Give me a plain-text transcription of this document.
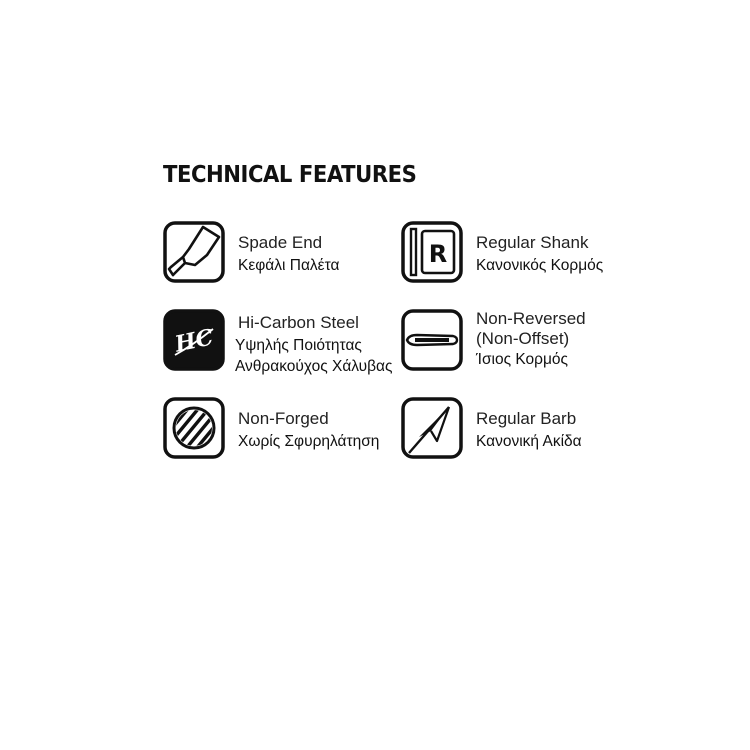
TECHNICAL FEATURES
Spade End
Κεφάλι Παλέτα	R Regular Shank
Κανονικός Κορμός
HC
Hi-Carbon Steel
Υψηλής Ποιότητας
Ανθρακούχος Χάλυβας
Non-Reversed
(Non-Offset)
Ίσιος Κορμός
Non-Forged
Χωρίς Σφυρηλάτηση
Regular Barb
Κανονική Ακίδα
